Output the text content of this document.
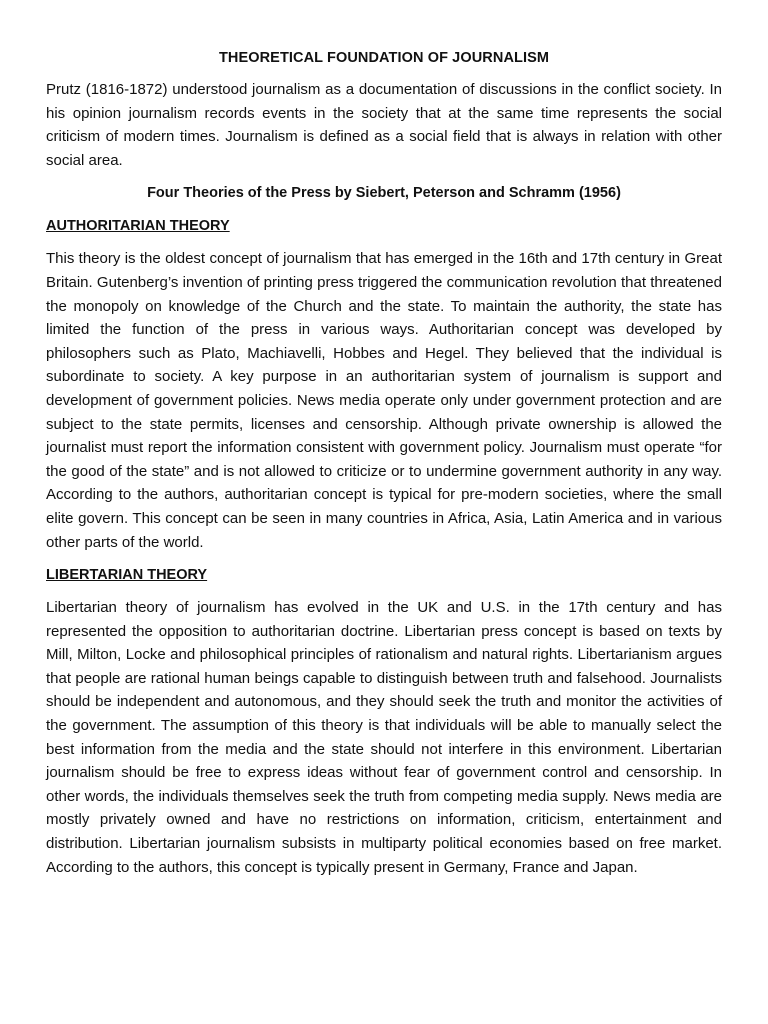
THEORETICAL FOUNDATION OF JOURNALISM

Prutz (1816-1872) understood journalism as a documentation of discussions in the conflict society. In his opinion journalism records events in the society that at the same time represents the social criticism of modern times. Journalism is defined as a social field that is always in relation with other social area.

Four Theories of the Press by Siebert, Peterson and Schramm (1956)
AUTHORITARIAN THEORY

This theory is the oldest concept of journalism that has emerged in the 16th and 17th century in Great Britain. Gutenberg’s invention of printing press triggered the communication revolution that threatened the monopoly on knowledge of the Church and the state. To maintain the authority, the state has limited the function of the press in various ways. Authoritarian concept was developed by philosophers such as Plato, Machiavelli, Hobbes and Hegel. They believed that the individual is subordinate to society. A key purpose in an authoritarian system of journalism is support and development of government policies. News media operate only under government protection and are subject to the state permits, licenses and censorship. Although private ownership is allowed the journalist must report the information consistent with government policy. Journalism must operate “for the good of the state” and is not allowed to criticize or to undermine government authority in any way. According to the authors, authoritarian concept is typical for pre-modern societies, where the small elite govern. This concept can be seen in many countries in Africa, Asia, Latin America and in various other parts of the world.

LIBERTARIAN THEORY

Libertarian theory of journalism has evolved in the UK and U.S. in the 17th century and has represented the opposition to authoritarian doctrine. Libertarian press concept is based on texts by Mill, Milton, Locke and philosophical principles of rationalism and natural rights. Libertarianism argues that people are rational human beings capable to distinguish between truth and falsehood. Journalists should be independent and autonomous, and they should seek the truth and monitor the activities of the government. The assumption of this theory is that individuals will be able to manually select the best information from the media and the state should not interfere in this environment. Libertarian journalism should be free to express ideas without fear of government control and censorship. In other words, the individuals themselves seek the truth from competing media supply. News media are mostly privately owned and have no restrictions on information, criticism, entertainment and distribution. Libertarian journalism subsists in multiparty political economies based on free market. According to the authors, this concept is typically present in Germany, France and Japan.
